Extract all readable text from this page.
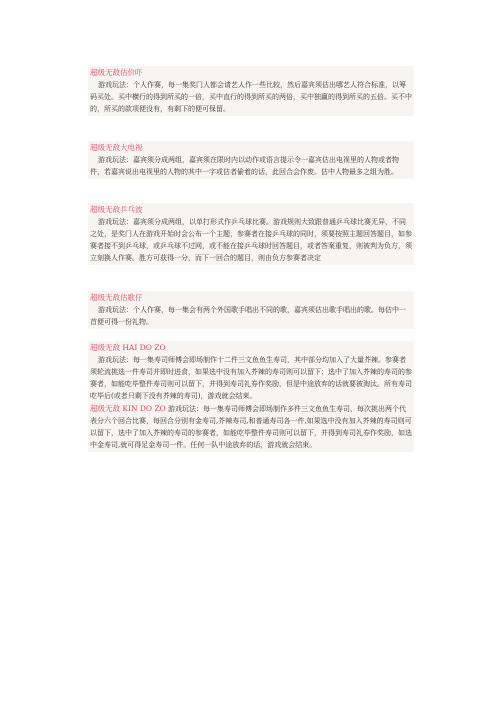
超级无敌估价吓
游戏玩法：个人作赛，每一集奖门人都会请艺人作一些比较，然后嘉宾须估出哪艺人符合标准，以筹码买处。买中横行的得到所买的一倍，买中直行的得到所买的两倍，买中独赢的得到所买的五倍。买不中的，所买的款项便没有，有剩下的便可保留。
超级无敌大电视
游戏玩法：嘉宾须分成两组，嘉宾须在限时内以动作或语言提示令一嘉宾估出电视里的人物或者物件，若嘉宾说出电视里的人物的其中一字或估者偷着的话，此回合会作废。估中人物最多之组为胜。
超级无敌乒乓波
游戏玩法：嘉宾须分成两组，以单打形式作乒乓球比赛。游戏规则大致跟普通乒乓球比赛无异，不同之处，是奖门人在游戏开始时会公布一个主题，参赛者在接乒乓球的同时，须要按照主题回答题目，如参赛者接不到乒乓球，或乒乓球不过网，或不能在接乒乓球时回答题目，或者答案重复，则被判为负方，须立刻换人作赛。胜方可获得一分，而下一回合的题目，则由负方参赛者决定
超级无敌估歌仔
游戏玩法：个人作赛，每一集会有两个外国歌手唱出不同的歌，嘉宾须估出歌手唱出的歌。每估中一首便可得一份礼物。
超级无敌 HAI DO ZO
游戏玩法：每一集寿司师傅会即场制作十二件三文鱼鱼生寿司，其中部分均加入了大量芥辣。参赛者须轮流挑选一件寿司并即时进食，如果选中没有加入芥辣的寿司则可以留下；选中了加入芥辣的寿司的参赛者，如能吃毕整件寿司则可以留下，并得到寿司礼券作奖励，但是中途放弃的话就要被淘汰。所有寿司吃毕后(或者只剩下没有芥辣的寿司)，游戏就会结束。
超级无敌 KIN DO ZO 游戏玩法：每一集寿司师傅会即场制作多件三文鱼鱼生寿司，每次挑出两个代表分六个回合比赛，每回合分别有金寿司,芥辣寿司,和普通寿司各一件,如果选中没有加入芥辣的寿司则可以留下，选中了加入芥辣的寿司的参赛者，如能吃毕整件寿司则可以留下，并得到寿司礼券作奖励，如选中金寿司,就可得足金寿司一件。任何一队中途放弃的话，游戏就会结束。
